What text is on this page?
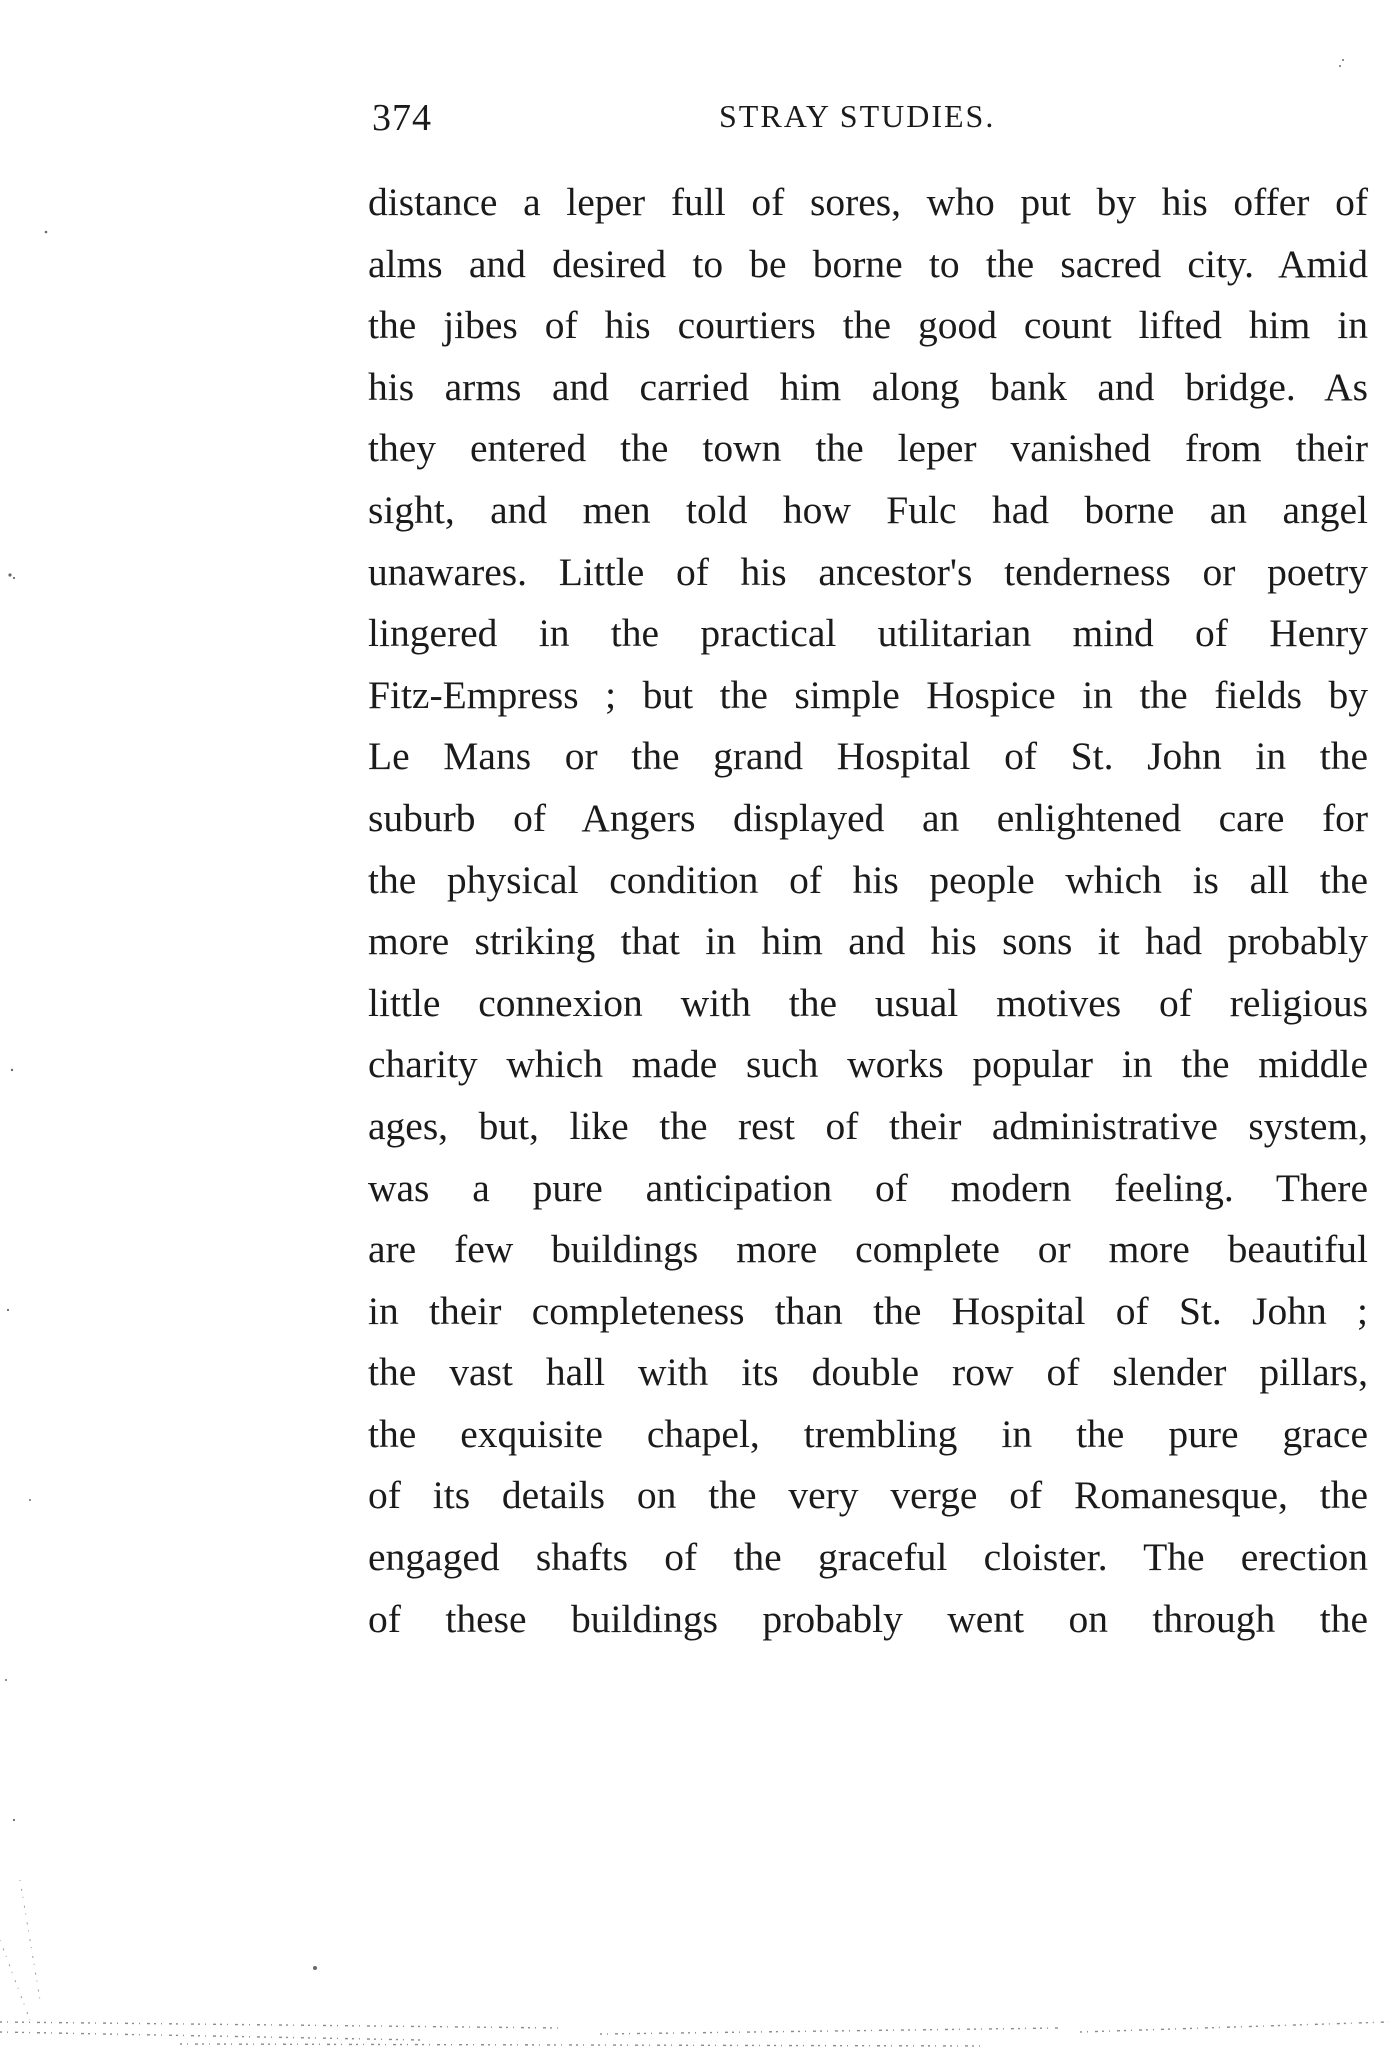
374	STRAY STUDIES.
distance a leper full of sores, who put by his offer of
alms and desired to be borne to the sacred city. Amid
the jibes of his courtiers the good count lifted him in
his arms and carried him along bank and bridge. As
they entered the town the leper vanished from their
sight, and men told how Fulc had borne an angel
unawares. Little of his ancestor's tenderness or poetry
lingered in the practical utilitarian mind of Henry
Fitz-Empress ; but the simple Hospice in the fields by
Le Mans or the grand Hospital of St. John in the
suburb of Angers displayed an enlightened care for
the physical condition of his people which is all the
more striking that in him and his sons it had probably
little connexion with the usual motives of religious
charity which made such works popular in the middle
ages, but, like the rest of their administrative system,
was a pure anticipation of modern feeling. There
are few buildings more complete or more beautiful
in their completeness than the Hospital of St. John ;
the vast hall with its double row of slender pillars,
the exquisite chapel, trembling in the pure grace
of its details on the very verge of Romanesque, the
engaged shafts of the graceful cloister. The erection
of these buildings probably went on through the
